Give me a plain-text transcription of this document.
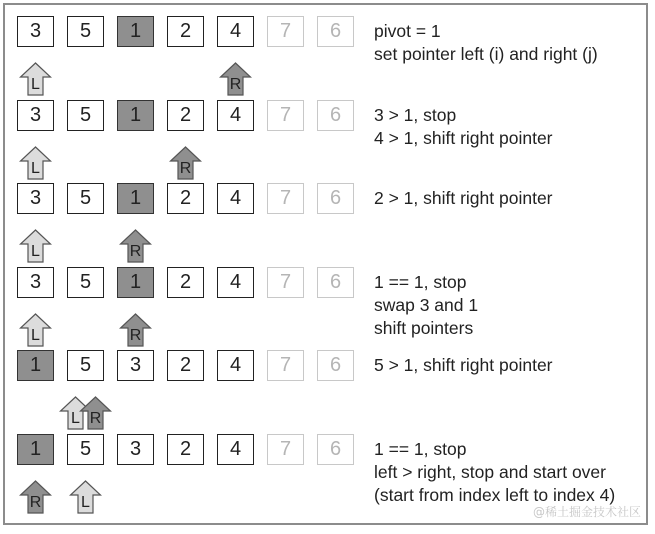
3	5	1	2	4	7	6
L	R
pivot = 1
set pointer left (i) and right (j)
3	5	1	2	4	7	6
L	R
3 > 1, stop
4 > 1, shift right pointer
3	5	1	2	4	7	6
L	R
2 > 1, shift right pointer
3	5	1	2	4	7	6
L	R
1 == 1, stop
swap 3 and 1
shift pointers
1	5	3	2	4	7	6
L R
5 > 1, shift right pointer
1	5	3	2	4	7	6
R	L
1 == 1, stop
left > right, stop and start over
(start from index left to index 4)
@稀土掘金技术社区
